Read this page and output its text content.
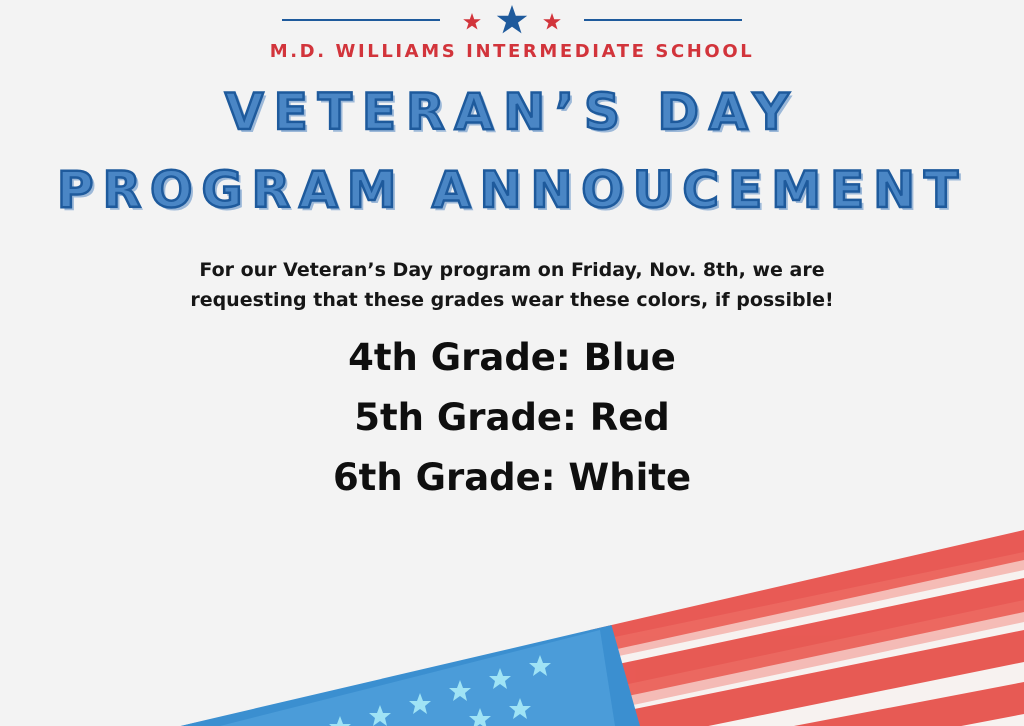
M.D. WILLIAMS INTERMEDIATE SCHOOL
VETERAN’S DAY
PROGRAM ANNOUCEMENT
For our Veteran’s Day program on Friday, Nov. 8th, we are
requesting that these grades wear these colors, if possible!
4th Grade: Blue
5th Grade: Red
6th Grade: White
